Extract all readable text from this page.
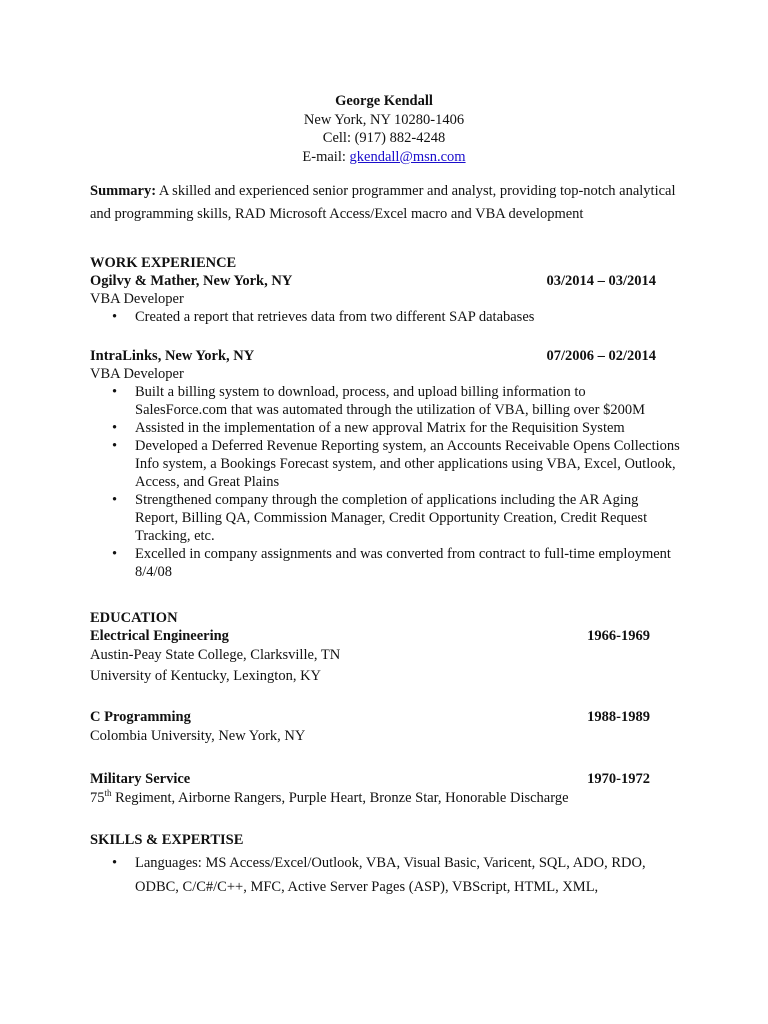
George Kendall
New York, NY 10280-1406
Cell: (917) 882-4248
E-mail: gkendall@msn.com
Summary: A skilled and experienced senior programmer and analyst, providing top-notch analytical and programming skills, RAD Microsoft Access/Excel macro and VBA development
WORK EXPERIENCE
Ogilvy & Mather, New York, NY	03/2014 – 03/2014
VBA Developer
• Created a report that retrieves data from two different SAP databases
IntraLinks, New York, NY	07/2006 – 02/2014
VBA Developer
• Built a billing system to download, process, and upload billing information to SalesForce.com that was automated through the utilization of VBA, billing over $200M
• Assisted in the implementation of a new approval Matrix for the Requisition System
• Developed a Deferred Revenue Reporting system, an Accounts Receivable Opens Collections Info system, a Bookings Forecast system, and other applications using VBA, Excel, Outlook, Access, and Great Plains
• Strengthened company through the completion of applications including the AR Aging Report, Billing QA, Commission Manager, Credit Opportunity Creation, Credit Request Tracking, etc.
• Excelled in company assignments and was converted from contract to full-time employment 8/4/08
EDUCATION
Electrical Engineering	1966-1969
Austin-Peay State College, Clarksville, TN
University of Kentucky, Lexington, KY
C Programming	1988-1989
Colombia University, New York, NY
Military Service	1970-1972
75th Regiment, Airborne Rangers, Purple Heart, Bronze Star, Honorable Discharge
SKILLS & EXPERTISE
• Languages: MS Access/Excel/Outlook, VBA, Visual Basic, Varicent, SQL, ADO, RDO, ODBC, C/C#/C++, MFC, Active Server Pages (ASP), VBScript, HTML, XML,
